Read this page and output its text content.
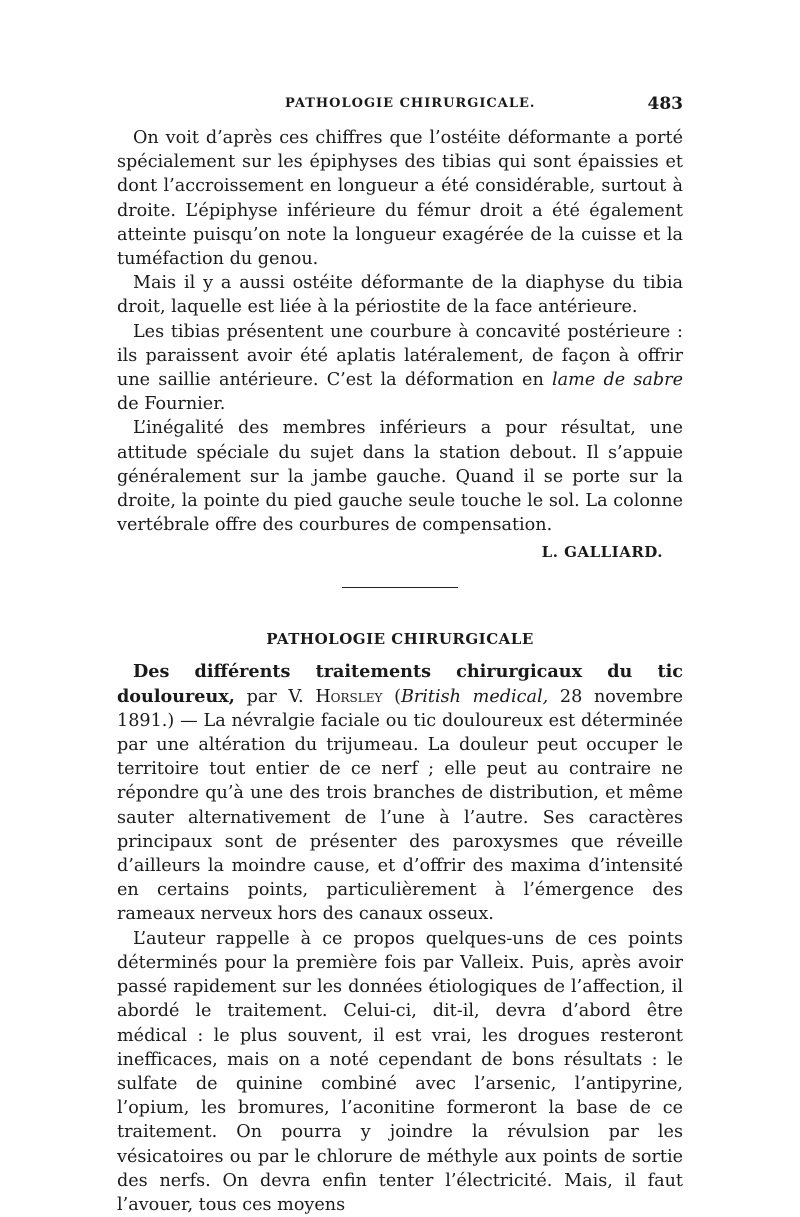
PATHOLOGIE CHIRURGICALE.	483

On voit d’après ces chiffres que l’ostéite déformante a porté spécialement sur les épiphyses des tibias qui sont épaissies et dont l’accroissement en longueur a été considérable, surtout à droite. L’épiphyse inférieure du fémur droit a été également atteinte puisqu’on note la longueur exagérée de la cuisse et la tuméfaction du genou.

Mais il y a aussi ostéite déformante de la diaphyse du tibia droit, laquelle est liée à la périostite de la face antérieure.

Les tibias présentent une courbure à concavité postérieure : ils paraissent avoir été aplatis latéralement, de façon à offrir une saillie antérieure. C’est la déformation en lame de sabre de Fournier.

L’inégalité des membres inférieurs a pour résultat, une attitude spéciale du sujet dans la station debout. Il s’appuie généralement sur la jambe gauche. Quand il se porte sur la droite, la pointe du pied gauche seule touche le sol. La colonne vertébrale offre des courbures de compensation.

L. GALLIARD.
PATHOLOGIE CHIRURGICALE

Des différents traitements chirurgicaux du tic douloureux, par V. Horsley (British medical, 28 novembre 1891.) — La névralgie faciale ou tic douloureux est déterminée par une altération du trijumeau. La douleur peut occuper le territoire tout entier de ce nerf ; elle peut au contraire ne répondre qu’à une des trois branches de distribution, et même sauter alternativement de l’une à l’autre. Ses caractères principaux sont de présenter des paroxysmes que réveille d’ailleurs la moindre cause, et d’offrir des maxima d’intensité en certains points, particulièrement à l’émergence des rameaux nerveux hors des canaux osseux.

L’auteur rappelle à ce propos quelques-uns de ces points déterminés pour la première fois par Valleix. Puis, après avoir passé rapidement sur les données étiologiques de l’affection, il abordé le traitement. Celui-ci, dit-il, devra d’abord être médical : le plus souvent, il est vrai, les drogues resteront inefficaces, mais on a noté cependant de bons résultats : le sulfate de quinine combiné avec l’arsenic, l’antipyrine, l’opium, les bromures, l’aconitine formeront la base de ce traitement. On pourra y joindre la révulsion par les vésicatoires ou par le chlorure de méthyle aux points de sortie des nerfs. On devra enfin tenter l’électricité. Mais, il faut l’avouer, tous ces moyens
